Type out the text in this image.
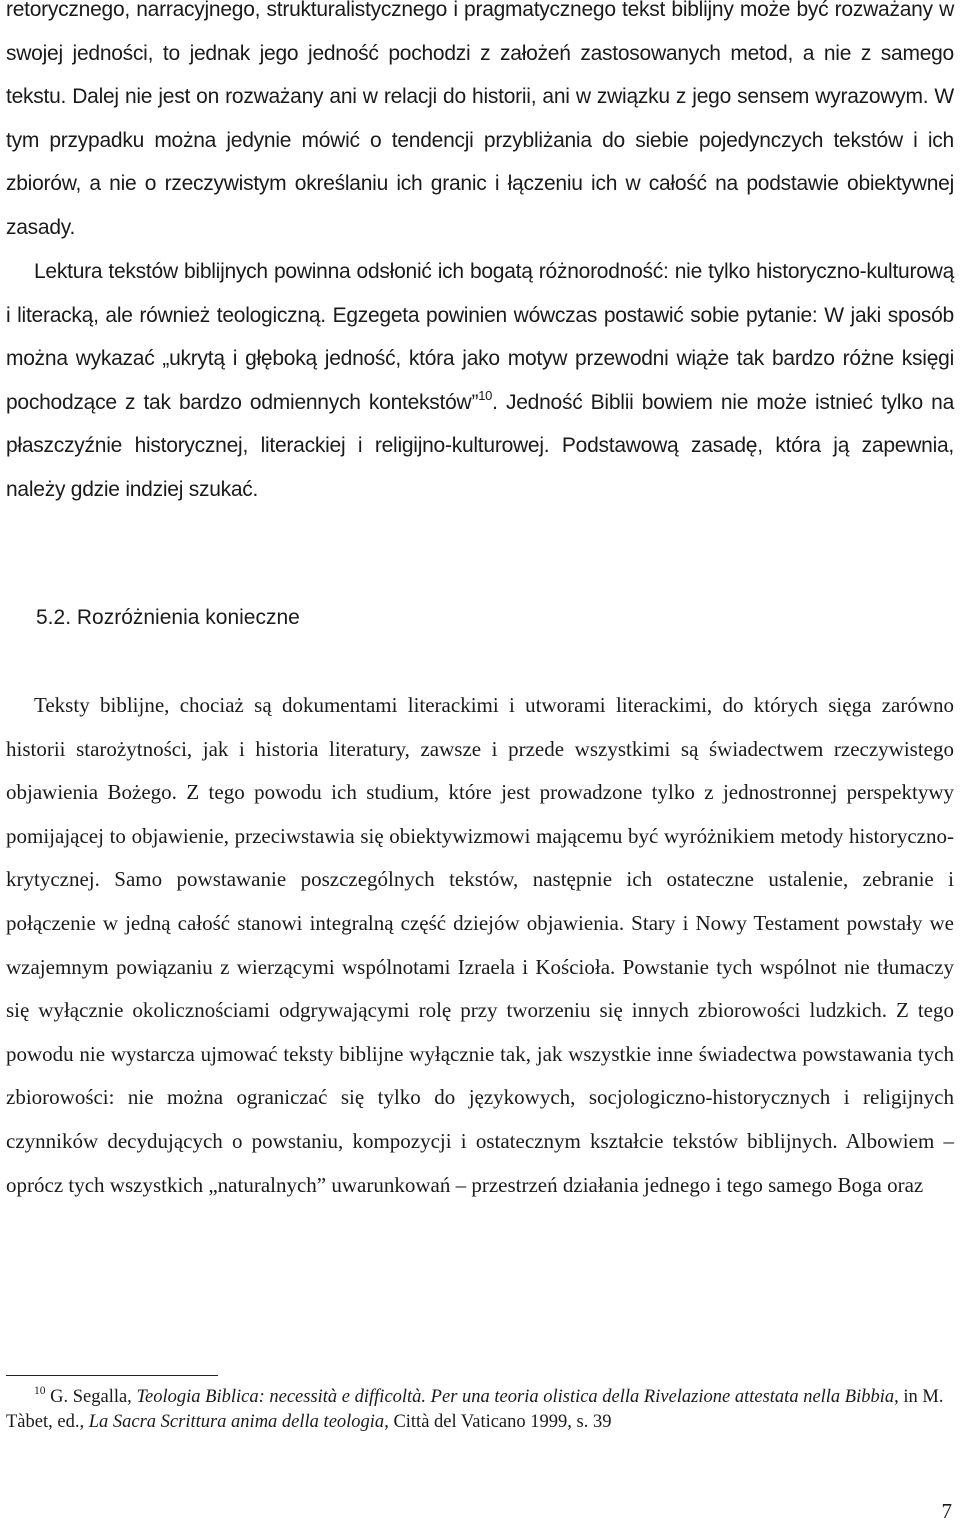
retorycznego, narracyjnego, strukturalistycznego i pragmatycznego tekst biblijny może być rozważany w swojej jedności, to jednak jego jedność pochodzi z założeń zastosowanych metod, a nie z samego tekstu. Dalej nie jest on rozważany ani w relacji do historii, ani w związku z jego sensem wyrazowym. W tym przypadku można jedynie mówić o tendencji przybliżania do siebie pojedynczych tekstów i ich zbiorów, a nie o rzeczywistym określaniu ich granic i łączeniu ich w całość na podstawie obiektywnej zasady.

Lektura tekstów biblijnych powinna odsłonić ich bogatą różnorodność: nie tylko historyczno-kulturową i literacką, ale również teologiczną. Egzegeta powinien wówczas postawić sobie pytanie: W jaki sposób można wykazać „ukrytą i głęboką jedność, która jako motyw przewodni wiąże tak bardzo różne księgi pochodzące z tak bardzo odmiennych kontekstów”$^{10}$. Jedność Biblii bowiem nie może istnieć tylko na płaszczyźnie historycznej, literackiej i religijno-kulturowej. Podstawową zasadę, która ją zapewnia, należy gdzie indziej szukać.

5.2. Rozróżnienia konieczne

Teksty biblijne, chociaż są dokumentami literackimi i utworami literackimi, do których sięga zarówno historii starożytności, jak i historia literatury, zawsze i przede wszystkimi są świadectwem rzeczywistego objawienia Bożego. Z tego powodu ich studium, które jest prowadzone tylko z jednostronnej perspektywy pomijającej to objawienie, przeciwstawia się obiektywizmowi mającemu być wyróżnikiem metody historyczno-krytycznej. Samo powstawanie poszczególnych tekstów, następnie ich ostateczne ustalenie, zebranie i połączenie w jedną całość stanowi integralną część dziejów objawienia. Stary i Nowy Testament powstały we wzajemnym powiązaniu z wierzącymi wspólnotami Izraela i Kościoła. Powstanie tych wspólnot nie tłumaczy się wyłącznie okolicznościami odgrywającymi rolę przy tworzeniu się innych zbiorowości ludzkich. Z tego powodu nie wystarcza ujmować teksty biblijne wyłącznie tak, jak wszystkie inne świadectwa powstawania tych zbiorowości: nie można ograniczać się tylko do językowych, socjologiczno-historycznych i religijnych czynników decydujących o powstaniu, kompozycji i ostatecznym kształcie tekstów biblijnych. Albowiem – oprócz tych wszystkich „naturalnych” uwarunkowań – przestrzeń działania jednego i tego samego Boga oraz

$^{10}$ G. Segalla, Teologia Biblica: necessità e difficoltà. Per una teoria olistica della Rivelazione attestata nella Bibbia, in M. Tàbet, ed., La Sacra Scrittura anima della teologia, Città del Vaticano 1999, s. 39

7
